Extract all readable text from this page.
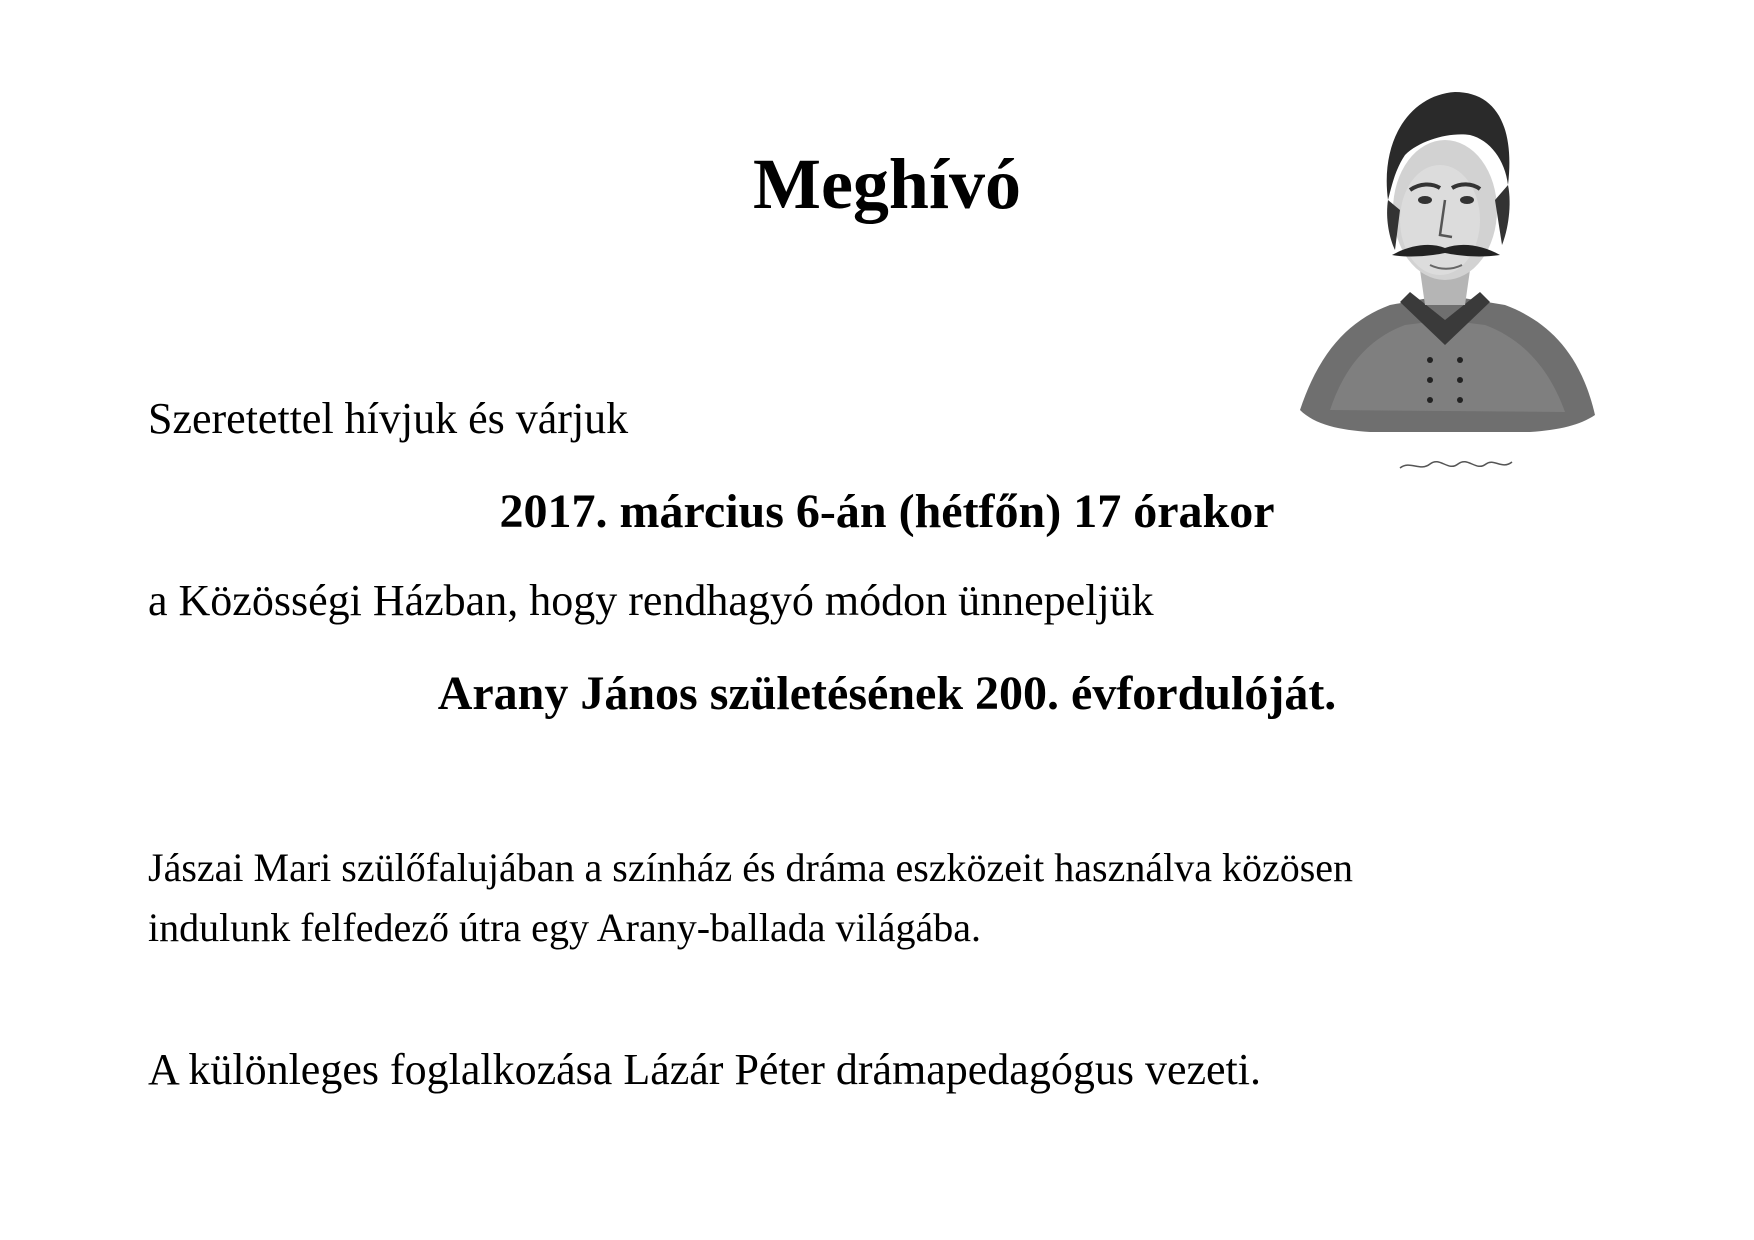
Meghívó
Szeretettel hívjuk és várjuk
2017. március 6-án (hétfőn) 17 órakor
a Közösségi Házban, hogy rendhagyó módon ünnepeljük
Arany János születésének 200. évfordulóját.
Jászai Mari szülőfalujában a színház és dráma eszközeit használva közösen
indulunk felfedező útra egy Arany-ballada világába.
A különleges foglalkozása Lázár Péter drámapedagógus vezeti.
